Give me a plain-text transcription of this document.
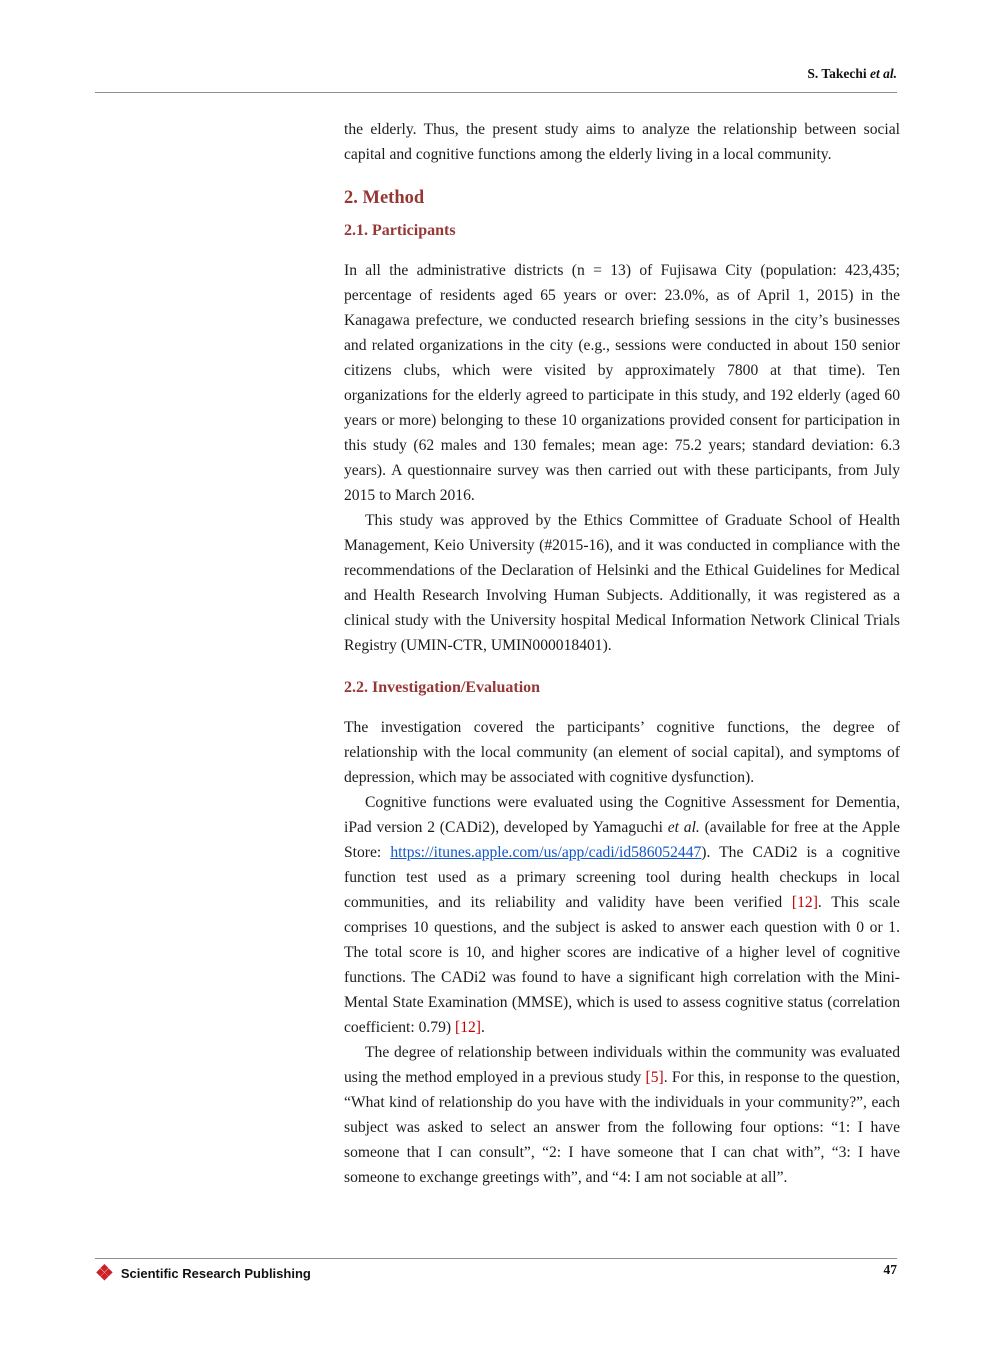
S. Takechi et al.

the elderly. Thus, the present study aims to analyze the relationship between social capital and cognitive functions among the elderly living in a local community.

2. Method
2.1. Participants

In all the administrative districts (n = 13) of Fujisawa City (population: 423,435; percentage of residents aged 65 years or over: 23.0%, as of April 1, 2015) in the Kanagawa prefecture, we conducted research briefing sessions in the city’s businesses and related organizations in the city (e.g., sessions were conducted in about 150 senior citizens clubs, which were visited by approximately 7800 at that time). Ten organizations for the elderly agreed to participate in this study, and 192 elderly (aged 60 years or more) belonging to these 10 organizations provided consent for participation in this study (62 males and 130 females; mean age: 75.2 years; standard deviation: 6.3 years). A questionnaire survey was then carried out with these participants, from July 2015 to March 2016.

This study was approved by the Ethics Committee of Graduate School of Health Management, Keio University (#2015-16), and it was conducted in compliance with the recommendations of the Declaration of Helsinki and the Ethical Guidelines for Medical and Health Research Involving Human Subjects. Additionally, it was registered as a clinical study with the University hospital Medical Information Network Clinical Trials Registry (UMIN-CTR, UMIN000018401).

2.2. Investigation/Evaluation

The investigation covered the participants’ cognitive functions, the degree of relationship with the local community (an element of social capital), and symptoms of depression, which may be associated with cognitive dysfunction).

Cognitive functions were evaluated using the Cognitive Assessment for Dementia, iPad version 2 (CADi2), developed by Yamaguchi et al. (available for free at the Apple Store: https://itunes.apple.com/us/app/cadi/id586052447). The CADi2 is a cognitive function test used as a primary screening tool during health checkups in local communities, and its reliability and validity have been verified [12]. This scale comprises 10 questions, and the subject is asked to answer each question with 0 or 1. The total score is 10, and higher scores are indicative of a higher level of cognitive functions. The CADi2 was found to have a significant high correlation with the Mini-Mental State Examination (MMSE), which is used to assess cognitive status (correlation coefficient: 0.79) [12].

The degree of relationship between individuals within the community was evaluated using the method employed in a previous study [5]. For this, in response to the question, “What kind of relationship do you have with the individuals in your community?”, each subject was asked to select an answer from the following four options: “1: I have someone that I can consult”, “2: I have someone that I can chat with”, “3: I have someone to exchange greetings with”, and “4: I am not sociable at all”.

❖ Scientific Research Publishing	47
